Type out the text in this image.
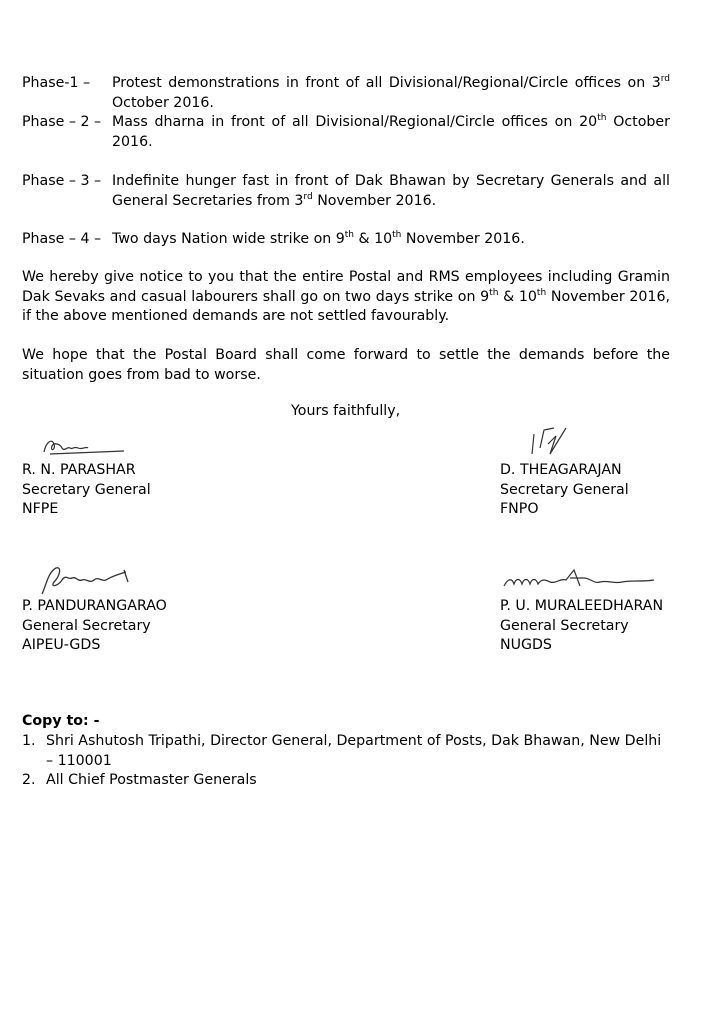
Phase-1 – Protest demonstrations in front of all Divisional/Regional/Circle offices on 3rd October 2016.
Phase – 2 – Mass dharna in front of all Divisional/Regional/Circle offices on 20th October 2016.
Phase – 3 – Indefinite hunger fast in front of Dak Bhawan by Secretary Generals and all General Secretaries from 3rd November 2016.
Phase – 4 – Two days Nation wide strike on 9th & 10th November 2016.
We hereby give notice to you that the entire Postal and RMS employees including Gramin Dak Sevaks and casual labourers shall go on two days strike on 9th & 10th November 2016, if the above mentioned demands are not settled favourably.
We hope that the Postal Board shall come forward to settle the demands before the situation goes from bad to worse.
Yours faithfully,
R. N. PARASHAR
Secretary General
NFPE
D. THEAGARAJAN
Secretary General
FNPO
P. PANDURANGARAO
General Secretary
AIPEU-GDS
P. U. MURALEEDHARAN
General Secretary
NUGDS
Copy to: -
1. Shri Ashutosh Tripathi, Director General, Department of Posts, Dak Bhawan, New Delhi – 110001
2. All Chief Postmaster Generals
